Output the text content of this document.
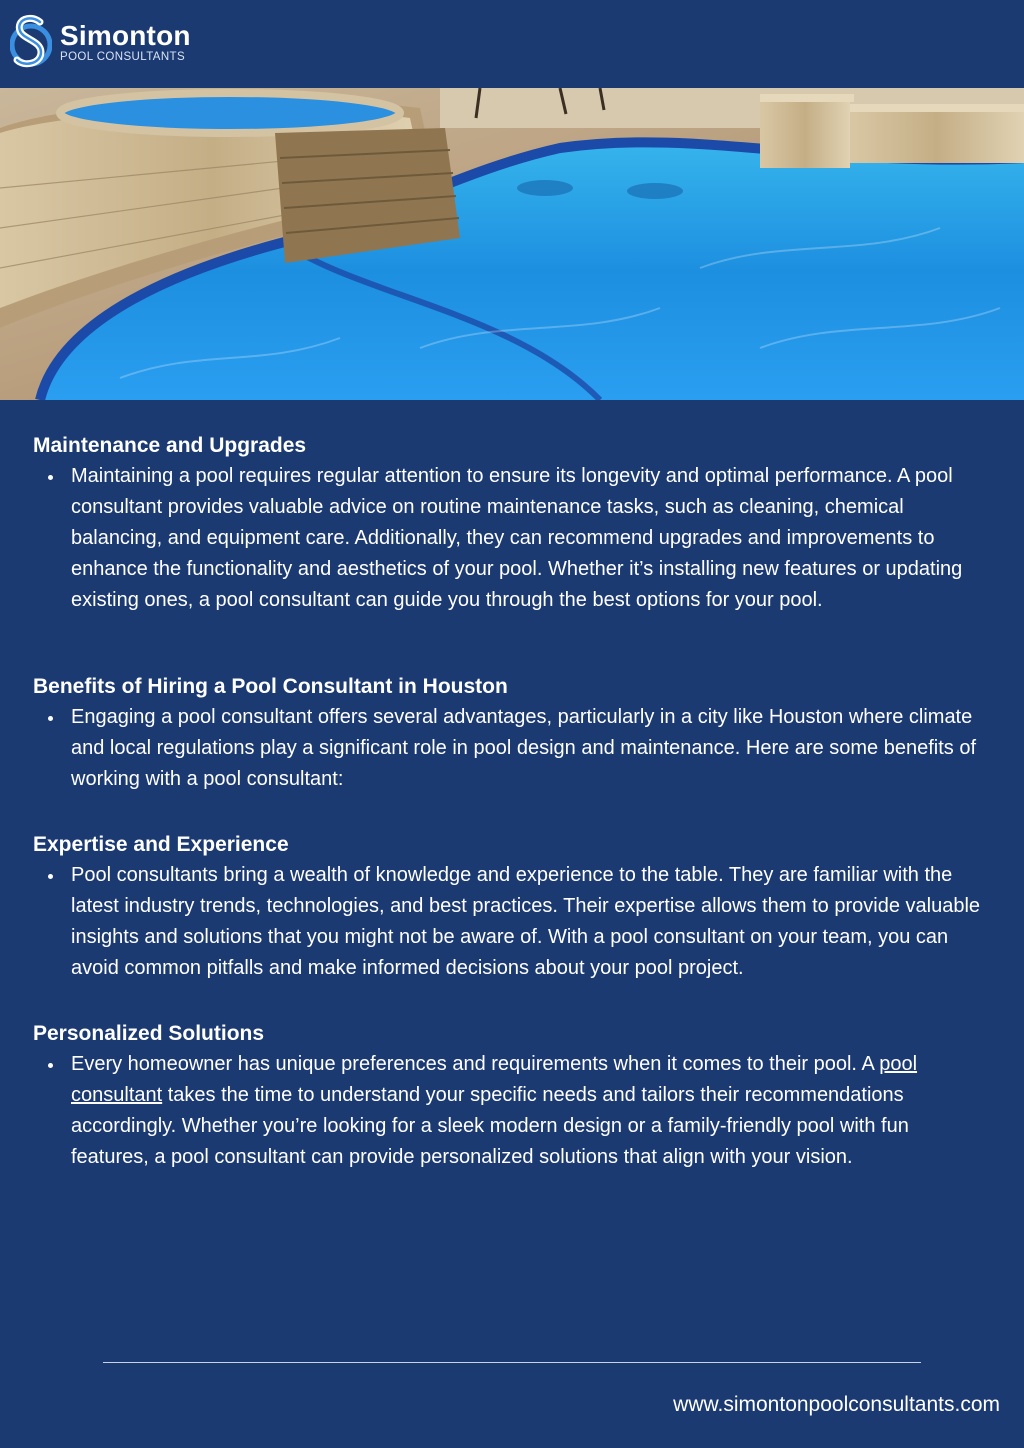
Simonton
POOL CONSULTANTS
Maintenance and Upgrades
Maintaining a pool requires regular attention to ensure its longevity and optimal performance. A pool consultant provides valuable advice on routine maintenance tasks, such as cleaning, chemical balancing, and equipment care. Additionally, they can recommend upgrades and improvements to enhance the functionality and aesthetics of your pool. Whether it’s installing new features or updating existing ones, a pool consultant can guide you through the best options for your pool.
Benefits of Hiring a Pool Consultant in Houston
Engaging a pool consultant offers several advantages, particularly in a city like Houston where climate and local regulations play a significant role in pool design and maintenance. Here are some benefits of working with a pool consultant:
Expertise and Experience
Pool consultants bring a wealth of knowledge and experience to the table. They are familiar with the latest industry trends, technologies, and best practices. Their expertise allows them to provide valuable insights and solutions that you might not be aware of. With a pool consultant on your team, you can avoid common pitfalls and make informed decisions about your pool project.
Personalized Solutions
Every homeowner has unique preferences and requirements when it comes to their pool. A pool consultant takes the time to understand your specific needs and tailors their recommendations accordingly. Whether you’re looking for a sleek modern design or a family-friendly pool with fun features, a pool consultant can provide personalized solutions that align with your vision.
www.simontonpoolconsultants.com
